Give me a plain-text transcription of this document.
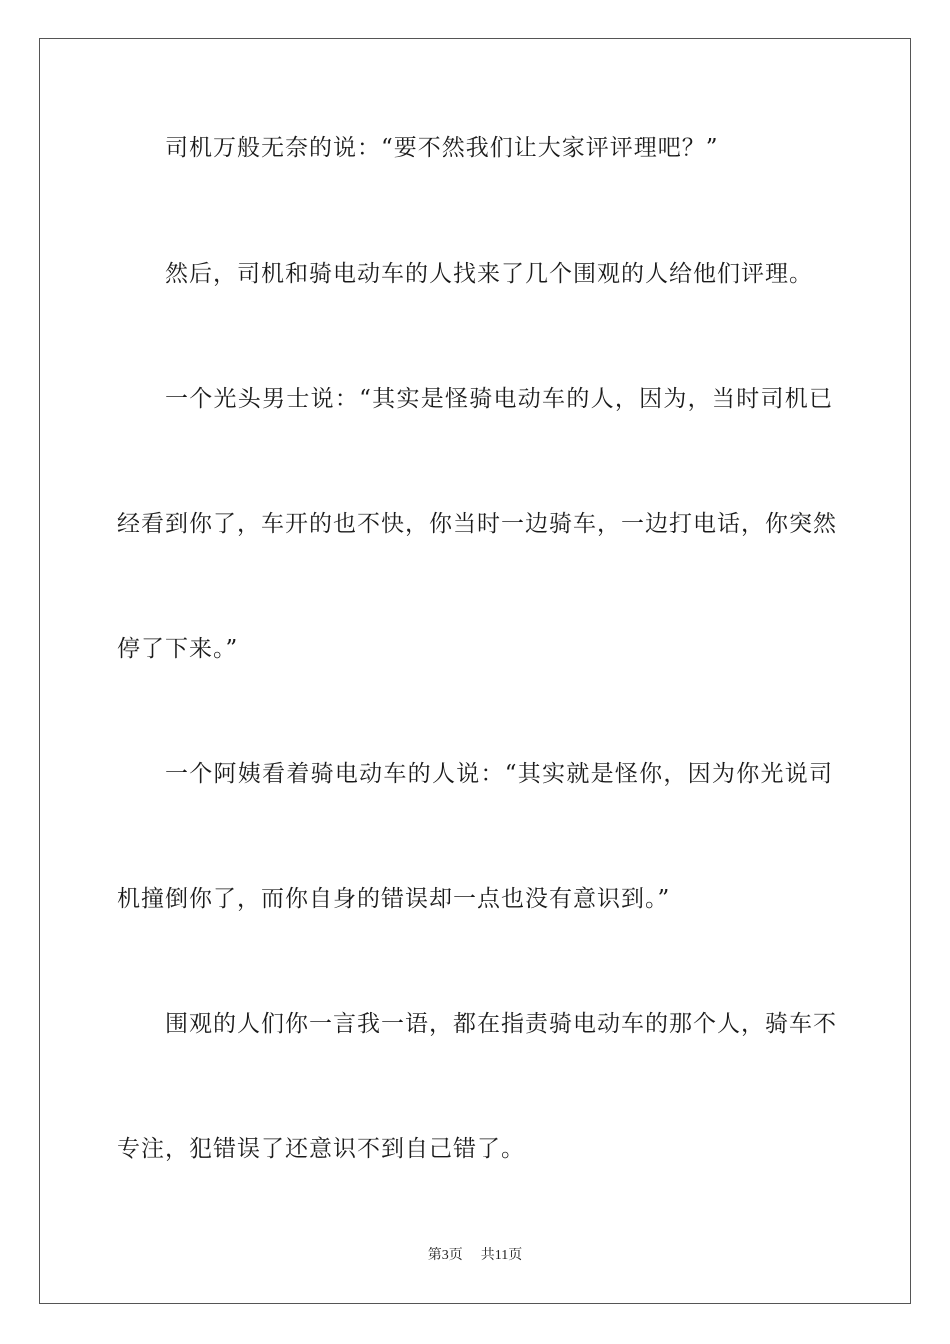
司机万般无奈的说：“要不然我们让大家评评理吧？”
然后，司机和骑电动车的人找来了几个围观的人给他们评理。
一个光头男士说：“其实是怪骑电动车的人，因为，当时司机已
经看到你了，车开的也不快，你当时一边骑车，一边打电话，你突然
停了下来。”
一个阿姨看着骑电动车的人说：“其实就是怪你，因为你光说司
机撞倒你了，而你自身的错误却一点也没有意识到。”
围观的人们你一言我一语，都在指责骑电动车的那个人，骑车不
专注，犯错误了还意识不到自己错了。
第3页 共11页
